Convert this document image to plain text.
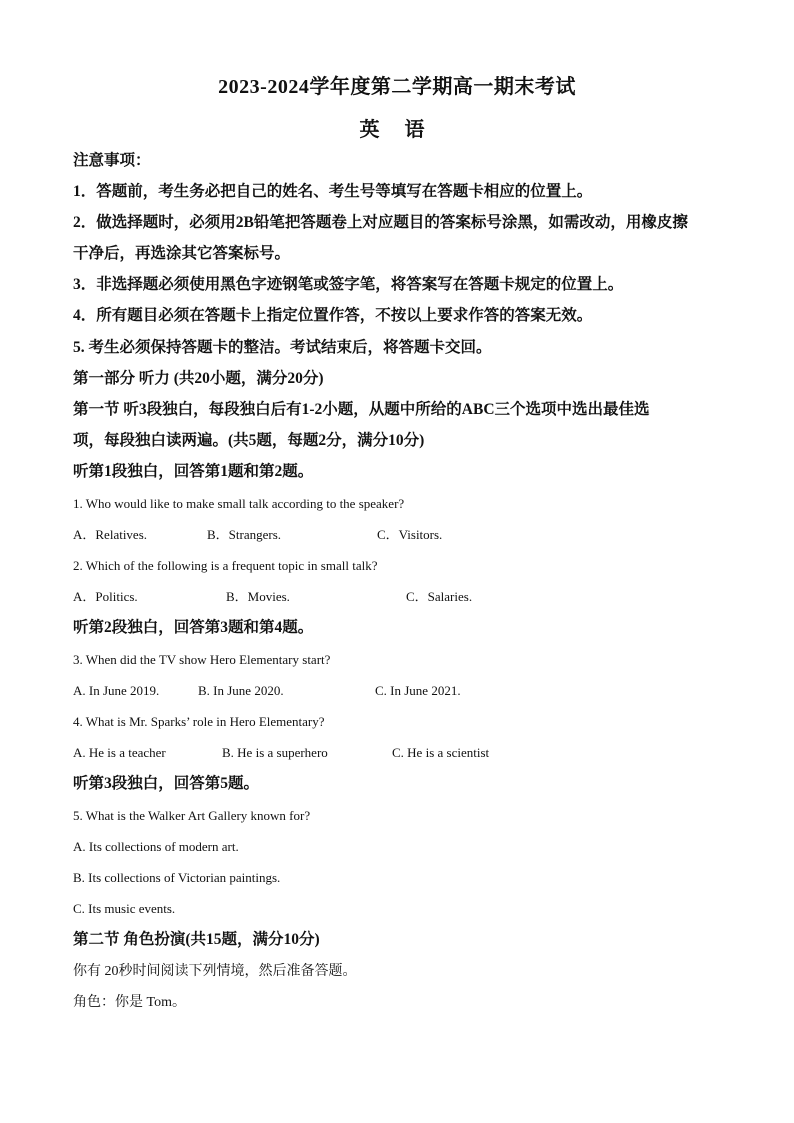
2023-2024学年度第二学期高一期末考试
英 语
注意事项：
1．答题前，考生务必把自己的姓名、考生号等填写在答题卡相应的位置上。
2．做选择题时，必须用2B铅笔把答题卷上对应题目的答案标号涂黑，如需改动，用橡皮擦
干净后，再选涂其它答案标号。
3．非选择题必须使用黑色字迹钢笔或签字笔，将答案写在答题卡规定的位置上。
4．所有题目必须在答题卡上指定位置作答，不按以上要求作答的答案无效。
5. 考生必须保持答题卡的整洁。考试结束后，将答题卡交回。
第一部分 听力 (共20小题，满分20分)
第一节 听3段独白，每段独白后有1-2小题，从题中所给的ABC三个选项中选出最佳选
项，每段独白读两遍。(共5题，每题2分，满分10分)
听第1段独白，回答第1题和第2题。
1. Who would like to make small talk according to the speaker?
A．Relatives.	B．Strangers.	C．Visitors.
2. Which of the following is a frequent topic in small talk?
A．Politics.	B．Movies.	C．Salaries.
听第2段独白，回答第3题和第4题。
3. When did the TV show Hero Elementary start?
A. In June 2019.	B. In June 2020.	C. In June 2021.
4. What is Mr. Sparks’ role in Hero Elementary?
A. He is a teacher	B. He is a superhero	C. He is a scientist
听第3段独白，回答第5题。
5. What is the Walker Art Gallery known for?
A. Its collections of modern art.
B. Its collections of Victorian paintings.
C. Its music events.
第二节 角色扮演(共15题，满分10分)
你有 20秒时间阅读下列情境，然后准备答题。
角色：你是 Tom。
